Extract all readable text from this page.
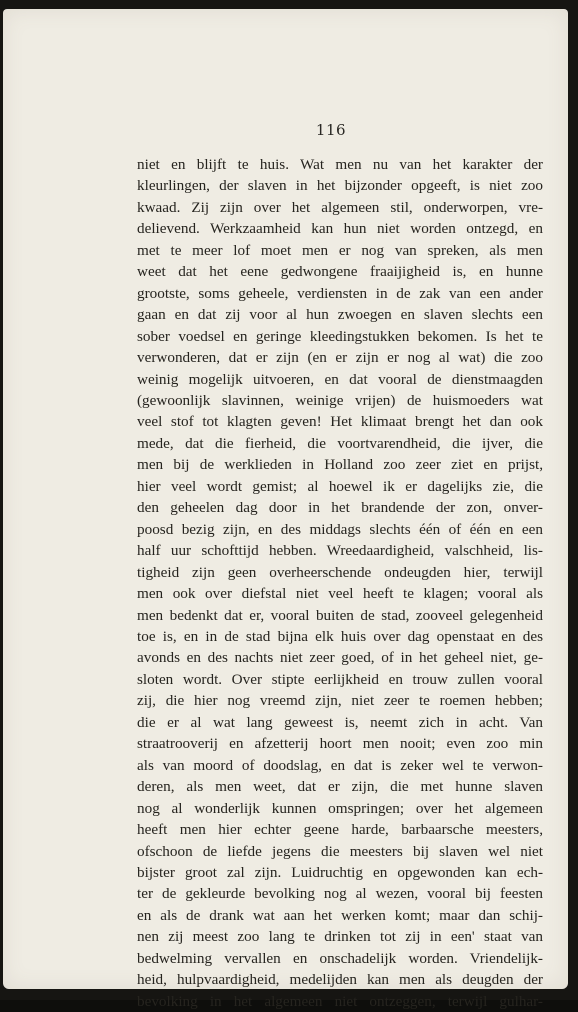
116
niet en blijft te huis. Wat men nu van het karakter der
kleurlingen, der slaven in het bijzonder opgeeft, is niet zoo
kwaad. Zij zijn over het algemeen stil, onderworpen, vre-
delievend. Werkzaamheid kan hun niet worden ontzegd, en
met te meer lof moet men er nog van spreken, als men
weet dat het eene gedwongene fraaijigheid is, en hunne
grootste, soms geheele, verdiensten in de zak van een ander
gaan en dat zij voor al hun zwoegen en slaven slechts een
sober voedsel en geringe kleedingstukken bekomen. Is het te
verwonderen, dat er zijn (en er zijn er nog al wat) die zoo
weinig mogelijk uitvoeren, en dat vooral de dienstmaagden
(gewoonlijk slavinnen, weinige vrijen) de huismoeders wat
veel stof tot klagten geven! Het klimaat brengt het dan ook
mede, dat die fierheid, die voortvarendheid, die ijver, die
men bij de werklieden in Holland zoo zeer ziet en prijst,
hier veel wordt gemist; al hoewel ik er dagelijks zie, die
den geheelen dag door in het brandende der zon, onver-
poosd bezig zijn, en des middags slechts één of één en een
half uur schofttijd hebben. Wreedaardigheid, valschheid, lis-
tigheid zijn geen overheerschende ondeugden hier, terwijl
men ook over diefstal niet veel heeft te klagen; vooral als
men bedenkt dat er, vooral buiten de stad, zooveel gelegenheid
toe is, en in de stad bijna elk huis over dag openstaat en des
avonds en des nachts niet zeer goed, of in het geheel niet, ge-
sloten wordt. Over stipte eerlijkheid en trouw zullen vooral
zij, die hier nog vreemd zijn, niet zeer te roemen hebben;
die er al wat lang geweest is, neemt zich in acht. Van
straatrooverij en afzetterij hoort men nooit; even zoo min
als van moord of doodslag, en dat is zeker wel te verwon-
deren, als men weet, dat er zijn, die met hunne slaven
nog al wonderlijk kunnen omspringen; over het algemeen
heeft men hier echter geene harde, barbaarsche meesters,
ofschoon de liefde jegens die meesters bij slaven wel niet
bijster groot zal zijn. Luidruchtig en opgewonden kan ech-
ter de gekleurde bevolking nog al wezen, vooral bij feesten
en als de drank wat aan het werken komt; maar dan schij-
nen zij meest zoo lang te drinken tot zij in een' staat van
bedwelming vervallen en onschadelijk worden. Vriendelijk-
heid, hulpvaardigheid, medelijden kan men als deugden der
bevolking in het algemeen niet ontzeggen, terwijl gulhar-
